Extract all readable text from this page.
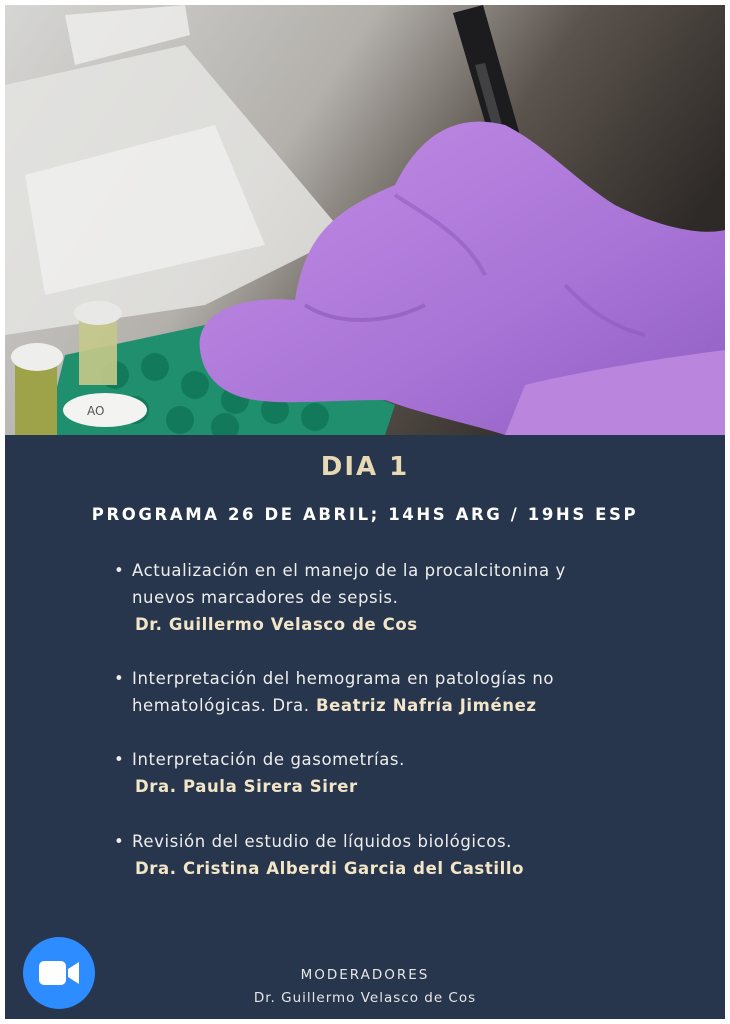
AO
DIA 1
PROGRAMA 26 DE ABRIL; 14HS ARG / 19HS ESP
• Actualización en el manejo de la procalcitonina y
nuevos marcadores de sepsis.

Dr. Guillermo Velasco de Cos
• Interpretación del hemograma en patologías no
hematológicas. Dra. Beatriz Nafría Jiménez
• Interpretación de gasometrías.

Dra. Paula Sirera Sirer
• Revisión del estudio de líquidos biológicos.

Dra. Cristina Alberdi Garcia del Castillo
MODERADORES
Dr. Guillermo Velasco de Cos
